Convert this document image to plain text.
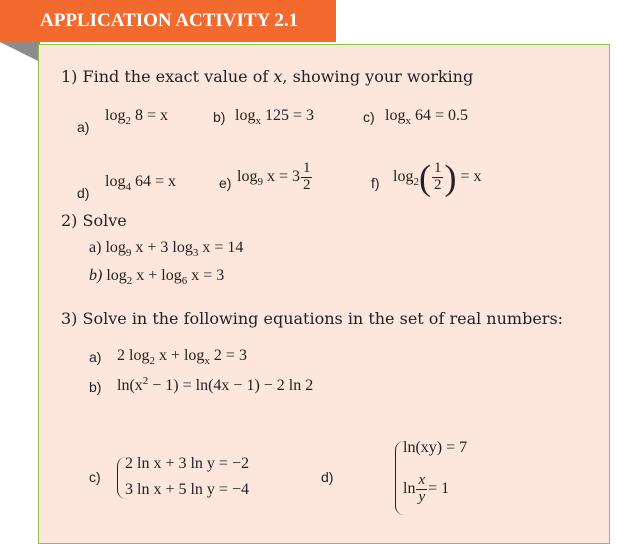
APPLICATION ACTIVITY 2.1
1) Find the exact value of x, showing your working
a)
$\log_2 8 = x$	b) $\log_x 125 = 3$	c) $\log_x 64 = 0.5$
d)
$\log_4 64 = x$	e) $\log_9 x = 3 \frac{1}{2}$	f) $\log_2( \frac{1}{2}$ ) = x
2) Solve
a) $\log_9 x + 3$ $\log_3 x = 14$
b) $\log_2 x + \log_6 x = 3$
3) Solve in the following equations in the set of real numbers:
a) 2 $\log_2 x + \log_x 2 = 3$
b) $\ln(x^2 - 1) = \ln(4x - 1) - 2$ ln 2
c)
2 ln x + 3 ln y = −2
3 ln x + 5 ln y = −4
d)
ln(xy) = 7
$\ln \frac{x}{y} = 1$
